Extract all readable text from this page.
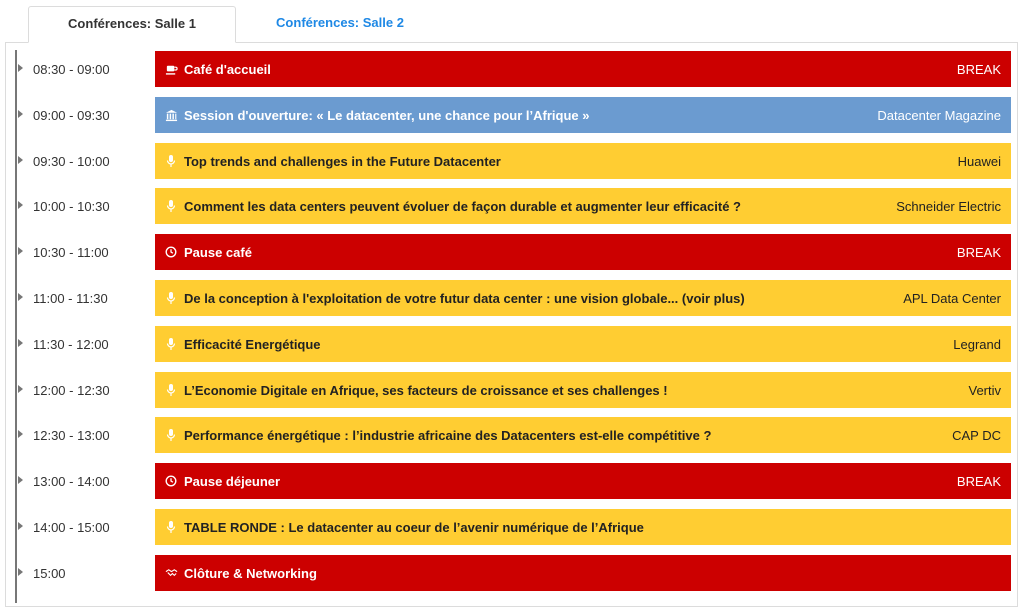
Conférences: Salle 1	Conférences: Salle 2
08:30 - 09:00	Café d'accueil	BREAK
09:00 - 09:30	Session d'ouverture: « Le datacenter, une chance pour l’Afrique »	Datacenter Magazine
09:30 - 10:00	Top trends and challenges in the Future Datacenter	Huawei
10:00 - 10:30	Comment les data centers peuvent évoluer de façon durable et augmenter leur efficacité ?	Schneider Electric
10:30 - 11:00	Pause café	BREAK
11:00 - 11:30	De la conception à l'exploitation de votre futur data center : une vision globale... (voir plus)	APL Data Center
11:30 - 12:00	Efficacité Energétique	Legrand
12:00 - 12:30	L’Economie Digitale en Afrique, ses facteurs de croissance et ses challenges !	Vertiv
12:30 - 13:00	Performance énergétique : l’industrie africaine des Datacenters est-elle compétitive ?	CAP DC
13:00 - 14:00	Pause déjeuner	BREAK
14:00 - 15:00	TABLE RONDE : Le datacenter au coeur de l’avenir numérique de l’Afrique
15:00	Clôture & Networking
